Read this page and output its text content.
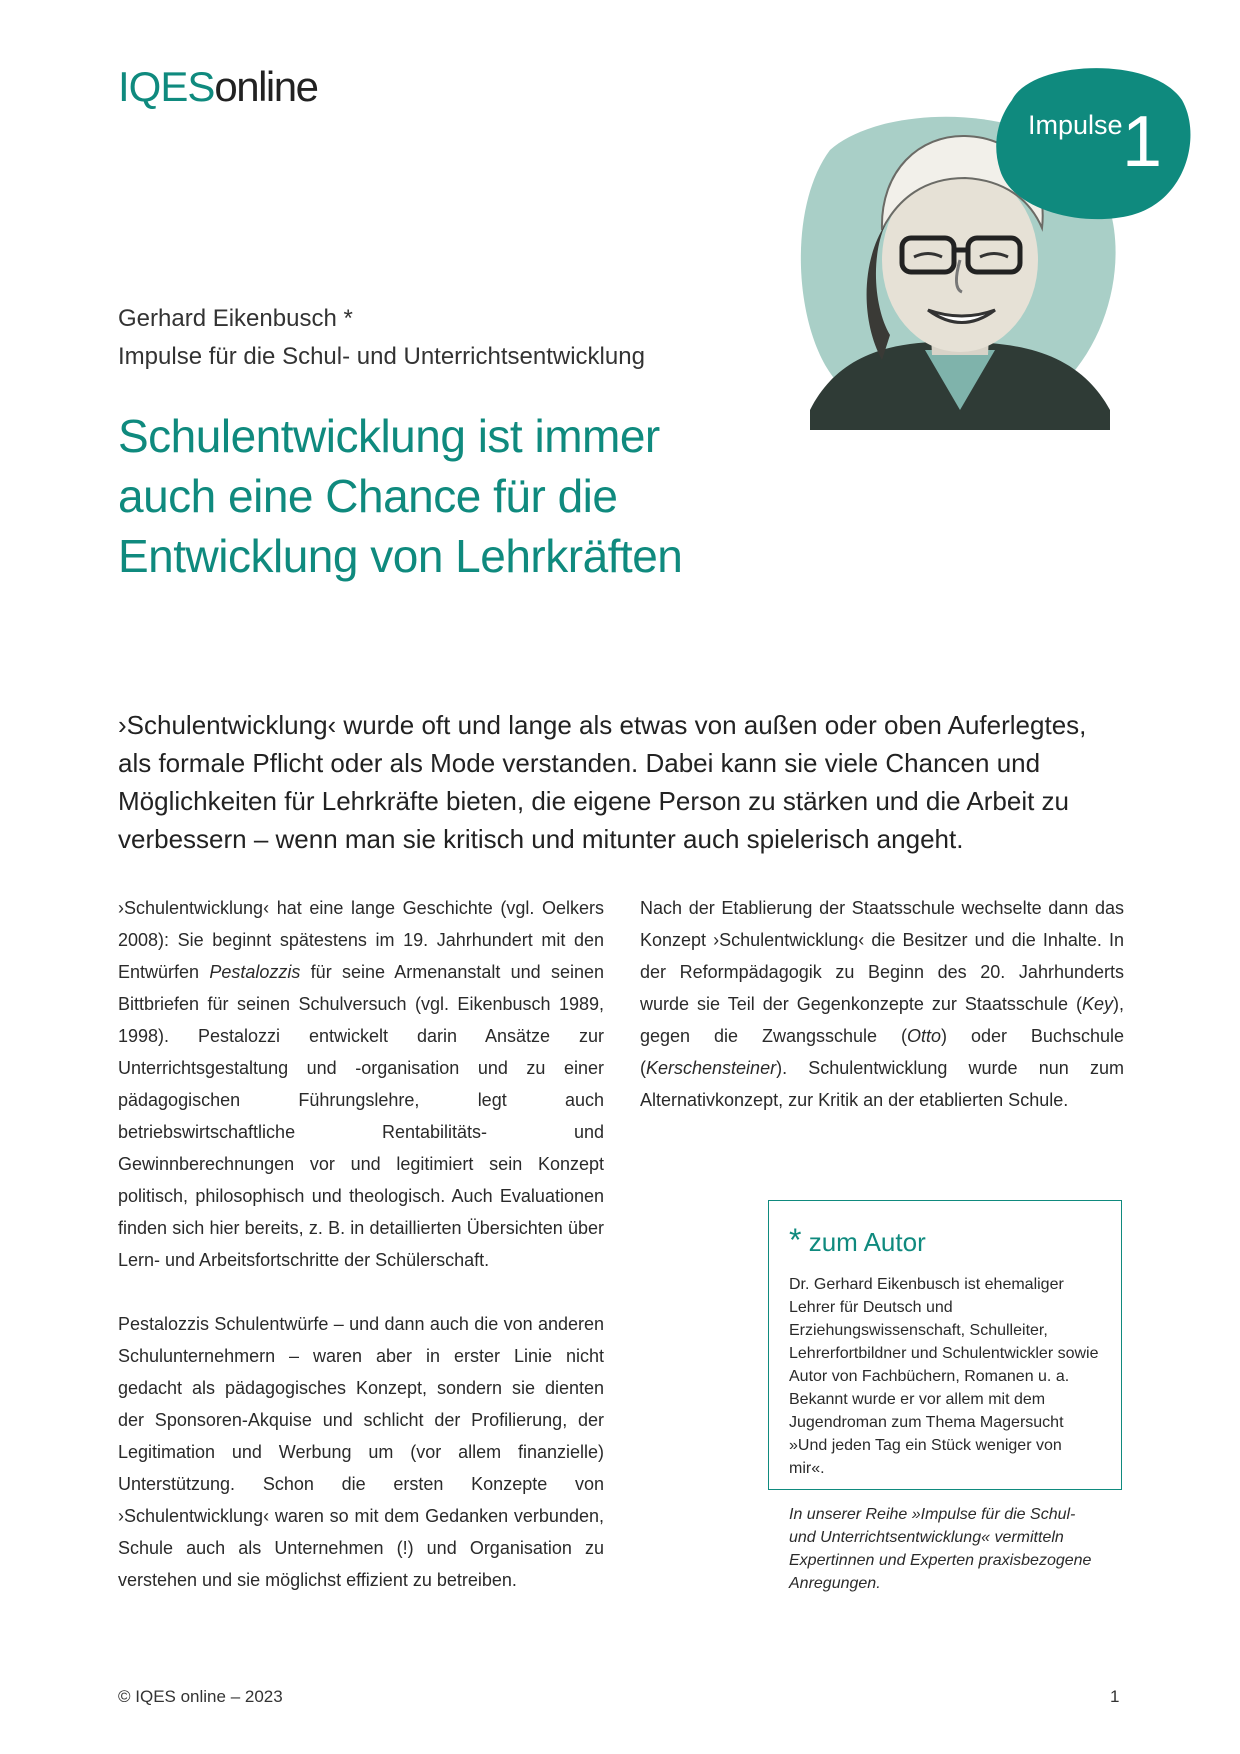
IQESonline
Impulse 1
Gerhard Eikenbusch *
Impulse für die Schul- und Unterrichtsentwicklung
Schulentwicklung ist immer
auch eine Chance für die
Entwicklung von Lehrkräften
›Schulentwicklung‹ wurde oft und lange als etwas von außen oder oben Auferlegtes,
als formale Pflicht oder als Mode verstanden. Dabei kann sie viele Chancen und
Möglichkeiten für Lehrkräfte bieten, die eigene Person zu stärken und die Arbeit zu
verbessern – wenn man sie kritisch und mitunter auch spielerisch angeht.

›Schulentwicklung‹ hat eine lange Geschichte (vgl. Oelkers 2008): Sie beginnt spätestens im 19. Jahrhundert mit den Entwürfen Pestalozzis für seine Armenanstalt und seinen Bittbriefen für seinen Schulversuch (vgl. Eikenbusch 1989, 1998). Pestalozzi entwickelt darin Ansätze zur Unterrichtsgestaltung und -organisation und zu einer pädagogischen Führungslehre, legt auch betriebswirtschaftliche Rentabilitäts- und Gewinnberechnungen vor und legitimiert sein Konzept politisch, philosophisch und theologisch. Auch Evaluationen finden sich hier bereits, z. B. in detaillierten Übersichten über Lern- und Arbeitsfortschritte der Schülerschaft.

Pestalozzis Schulentwürfe – und dann auch die von anderen Schulunternehmern – waren aber in erster Linie nicht gedacht als pädagogisches Konzept, sondern sie dienten der Sponsoren-Akquise und schlicht der Profilierung, der Legitimation und Werbung um (vor allem finanzielle) Unterstützung. Schon die ersten Konzepte von ›Schulentwicklung‹ waren so mit dem Gedanken verbunden, Schule auch als Unternehmen (!) und Organisation zu verstehen und sie möglichst effizient zu betreiben.

Nach der Etablierung der Staatsschule wechselte dann das Konzept ›Schulentwicklung‹ die Besitzer und die Inhalte. In der Reformpädagogik zu Beginn des 20. Jahrhunderts wurde sie Teil der Gegenkonzepte zur Staatsschule (Key), gegen die Zwangsschule (Otto) oder Buchschule (Kerschensteiner). Schulentwicklung wurde nun zum Alternativkonzept, zur Kritik an der etablierten Schule.

* zum Autor

Dr. Gerhard Eikenbusch ist ehemaliger Lehrer für Deutsch und Erziehungswissenschaft, Schulleiter, Lehrerfortbildner und Schulentwickler sowie Autor von Fachbüchern, Romanen u. a. Bekannt wurde er vor allem mit dem Jugendroman zum Thema Magersucht »Und jeden Tag ein Stück weniger von mir«.

In unserer Reihe »Impulse für die Schul- und Unterrichtsentwicklung« vermitteln Expertinnen und Experten praxisbezogene Anregungen.

© IQES online – 2023	1
